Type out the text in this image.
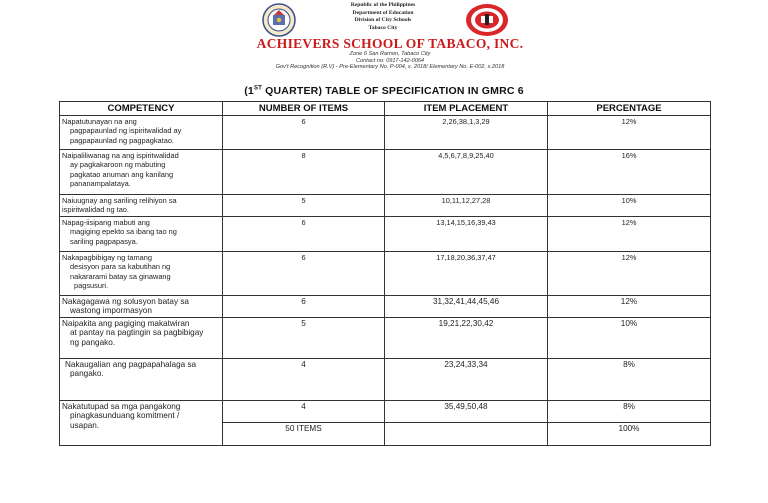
Republic of the Philippines
Department of Education
Division of City Schools
Tabaco City
ACHIEVERS SCHOOL OF TABACO, INC.
Zone 6 San Ramon, Tabaco City
Contact no: 0917-142-0064
Gov't Recognition (R.V) - Pre-Elementary No. P-004, s. 2018/ Elementary No. E-002, s.2018
(1ST QUARTER) TABLE OF SPECIFICATION IN GMRC 6
COMPETENCY	NUMBER OF ITEMS	ITEM PLACEMENT	PERCENTAGE

Napatutunayan na ang
pagpapaunlad ng ispiritwalidad ay
pagpapaunlad ng pagpagkatao.	6	2,26,38,1,3,29	12%

Naipaliliwanag na ang ispiritwalidad
ay pagkakaroon ng mabuting
pagkatao anuman ang kanilang
pananampalataya.	8	4,5,6,7,8,9,25,40	16%

Naiuugnay ang sariling relihiyon sa
ispiritwalidad ng tao.	5	10,11,12,27,28	10%

Napag-iisipang mabuti ang
magiging epekto sa ibang tao ng
sariling pagpapasya.	6	13,14,15,16,39,43	12%

Nakapagbibigay ng tamang
desisyon para sa kabutihan ng
nakararami batay sa ginawang
pagsusuri.	6	17,18,20,36,37,47	12%

Nakagagawa ng solusyon batay sa
wastong impormasyon	6	31,32,41,44,45,46	12%

Naipakita ang pagiging makatwiran
at pantay na pagtingin sa pagbibigay
ng pangako.	5	19,21,22,30,42	10%

Nakaugalian ang pagpapahalaga sa
pangako.	4	23,24,33,34	8%

Nakatutupad sa mga pangakong
pinagkasunduang komitment /
usapan.	4	35,49,50,48	8%
	50 ITEMS		100%
